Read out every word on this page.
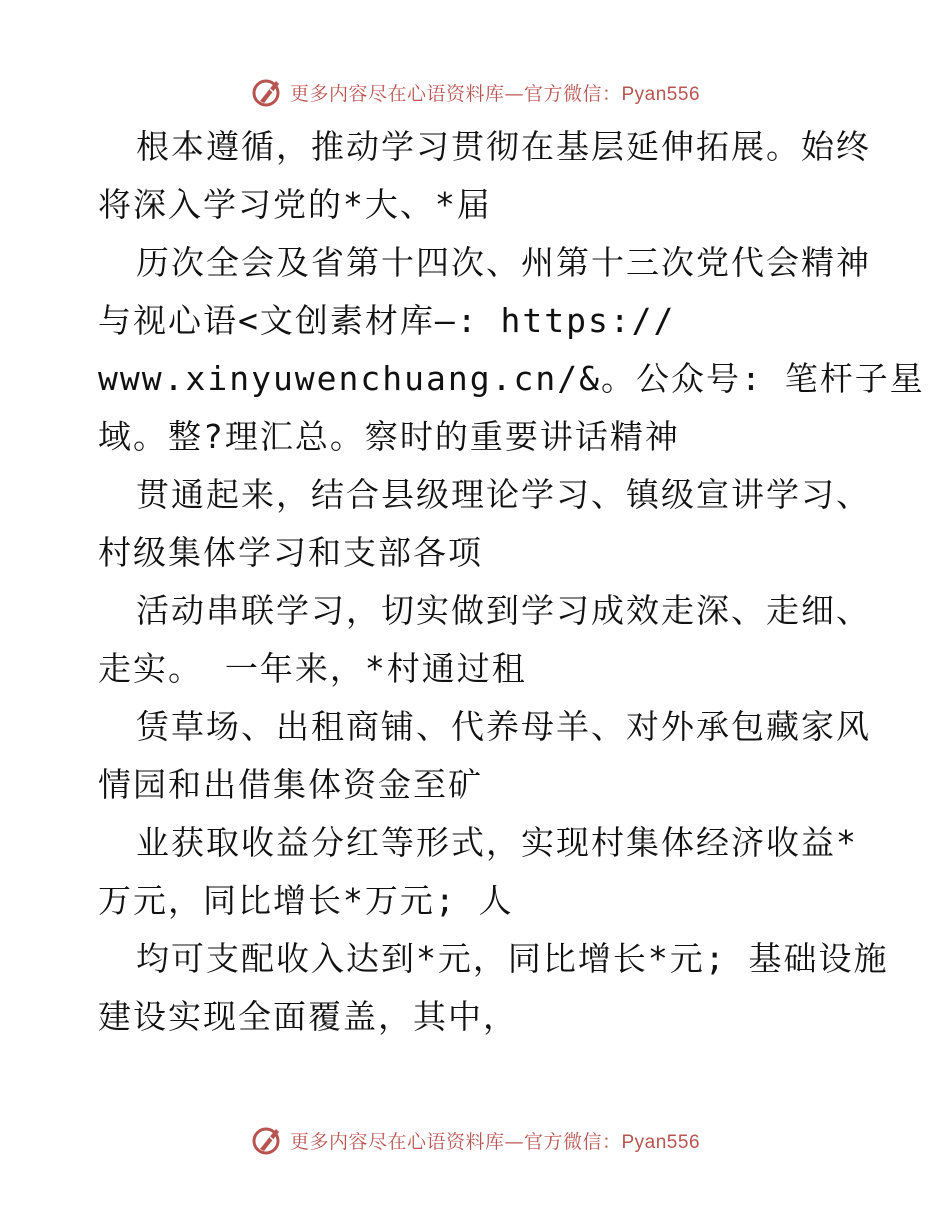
更多内容尽在心语资料库—官方微信：Pyan556
根本遵循，推动学习贯彻在基层延伸拓展。始终
将深入学习党的*大、*届
历次全会及省第十四次、州第十三次党代会精神
与视心语<文创素材库—: https://
www.xinyuwenchuang.cn/&。公众号: 笔杆子星
域。整?理汇总。察时的重要讲话精神
贯通起来，结合县级理论学习、镇级宣讲学习、
村级集体学习和支部各项
活动串联学习，切实做到学习成效走深、走细、
走实。 一年来，*村通过租
赁草场、出租商铺、代养母羊、对外承包藏家风
情园和出借集体资金至矿
业获取收益分红等形式，实现村集体经济收益*
万元，同比增长*万元; 人
均可支配收入达到*元，同比增长*元; 基础设施
建设实现全面覆盖，其中，
更多内容尽在心语资料库—官方微信：Pyan556
